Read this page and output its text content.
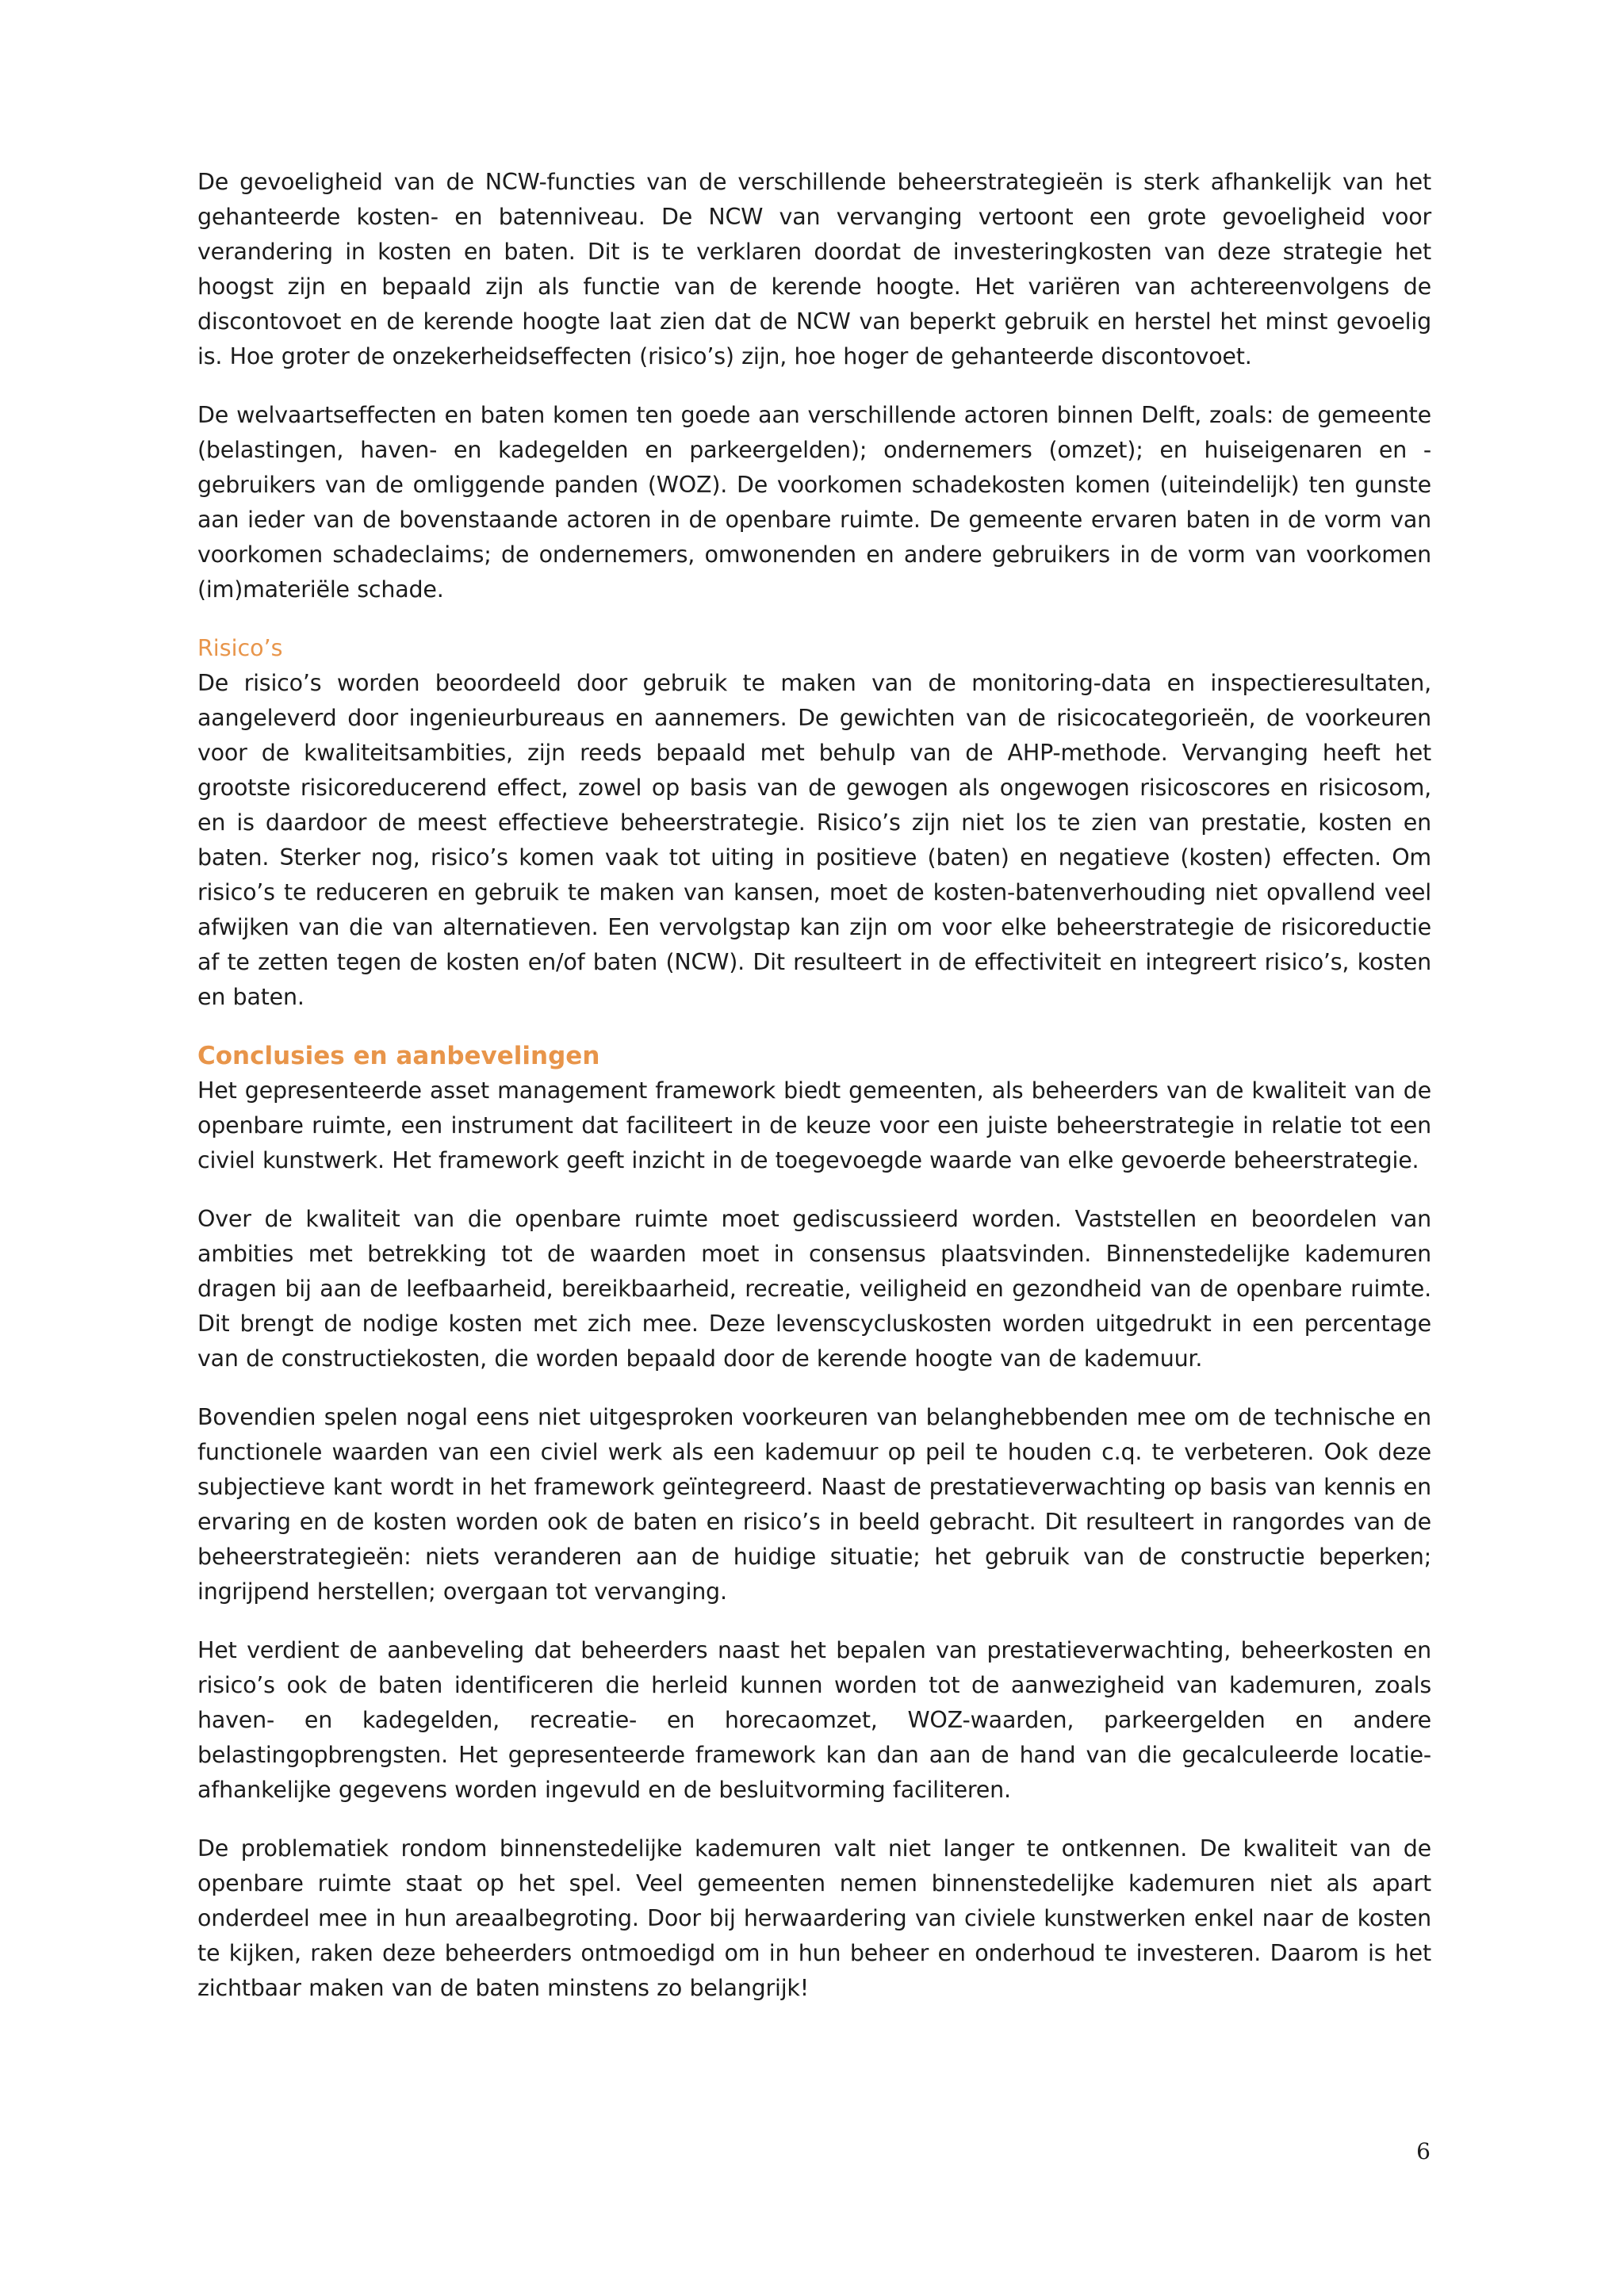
De gevoeligheid van de NCW-functies van de verschillende beheerstrategieën is sterk afhankelijk van het gehanteerde kosten- en batenniveau. De NCW van vervanging vertoont een grote gevoeligheid voor verandering in kosten en baten. Dit is te verklaren doordat de investeringkosten van deze strategie het hoogst zijn en bepaald zijn als functie van de kerende hoogte. Het variëren van achtereenvolgens de discontovoet en de kerende hoogte laat zien dat de NCW van beperkt gebruik en herstel het minst gevoelig is. Hoe groter de onzekerheidseffecten (risico’s) zijn, hoe hoger de gehanteerde discontovoet.

De welvaartseffecten en baten komen ten goede aan verschillende actoren binnen Delft, zoals: de gemeente (belastingen, haven- en kadegelden en parkeergelden); ondernemers (omzet); en huiseigenaren en -gebruikers van de omliggende panden (WOZ). De voorkomen schadekosten komen (uiteindelijk) ten gunste aan ieder van de bovenstaande actoren in de openbare ruimte. De gemeente ervaren baten in de vorm van voorkomen schadeclaims; de ondernemers, omwonenden en andere gebruikers in de vorm van voorkomen (im)materiële schade.

Risico’s

De risico’s worden beoordeeld door gebruik te maken van de monitoring-data en inspectieresultaten, aangeleverd door ingenieurbureaus en aannemers. De gewichten van de risicocategorieën, de voorkeuren voor de kwaliteitsambities, zijn reeds bepaald met behulp van de AHP-methode. Vervanging heeft het grootste risicoreducerend effect, zowel op basis van de gewogen als ongewogen risicoscores en risicosom, en is daardoor de meest effectieve beheerstrategie. Risico’s zijn niet los te zien van prestatie, kosten en baten. Sterker nog, risico’s komen vaak tot uiting in positieve (baten) en negatieve (kosten) effecten. Om risico’s te reduceren en gebruik te maken van kansen, moet de kosten-batenverhouding niet opvallend veel afwijken van die van alternatieven. Een vervolgstap kan zijn om voor elke beheerstrategie de risicoreductie af te zetten tegen de kosten en/of baten (NCW). Dit resulteert in de effectiviteit en integreert risico’s, kosten en baten.

Conclusies en aanbevelingen

Het gepresenteerde asset management framework biedt gemeenten, als beheerders van de kwaliteit van de openbare ruimte, een instrument dat faciliteert in de keuze voor een juiste beheerstrategie in relatie tot een civiel kunstwerk. Het framework geeft inzicht in de toegevoegde waarde van elke gevoerde beheerstrategie.

Over de kwaliteit van die openbare ruimte moet gediscussieerd worden. Vaststellen en beoordelen van ambities met betrekking tot de waarden moet in consensus plaatsvinden. Binnenstedelijke kademuren dragen bij aan de leefbaarheid, bereikbaarheid, recreatie, veiligheid en gezondheid van de openbare ruimte. Dit brengt de nodige kosten met zich mee. Deze levenscycluskosten worden uitgedrukt in een percentage van de constructiekosten, die worden bepaald door de kerende hoogte van de kademuur.

Bovendien spelen nogal eens niet uitgesproken voorkeuren van belanghebbenden mee om de technische en functionele waarden van een civiel werk als een kademuur op peil te houden c.q. te verbeteren. Ook deze subjectieve kant wordt in het framework geïntegreerd. Naast de prestatieverwachting op basis van kennis en ervaring en de kosten worden ook de baten en risico’s in beeld gebracht. Dit resulteert in rangordes van de beheerstrategieën: niets veranderen aan de huidige situatie; het gebruik van de constructie beperken; ingrijpend herstellen; overgaan tot vervanging.

Het verdient de aanbeveling dat beheerders naast het bepalen van prestatieverwachting, beheerkosten en risico’s ook de baten identificeren die herleid kunnen worden tot de aanwezigheid van kademuren, zoals haven- en kadegelden, recreatie- en horecaomzet, WOZ-waarden, parkeergelden en andere belastingopbrengsten. Het gepresenteerde framework kan dan aan de hand van die gecalculeerde locatie-afhankelijke gegevens worden ingevuld en de besluitvorming faciliteren.

De problematiek rondom binnenstedelijke kademuren valt niet langer te ontkennen. De kwaliteit van de openbare ruimte staat op het spel. Veel gemeenten nemen binnenstedelijke kademuren niet als apart onderdeel mee in hun areaalbegroting. Door bij herwaardering van civiele kunstwerken enkel naar de kosten te kijken, raken deze beheerders ontmoedigd om in hun beheer en onderhoud te investeren. Daarom is het zichtbaar maken van de baten minstens zo belangrijk!

6
